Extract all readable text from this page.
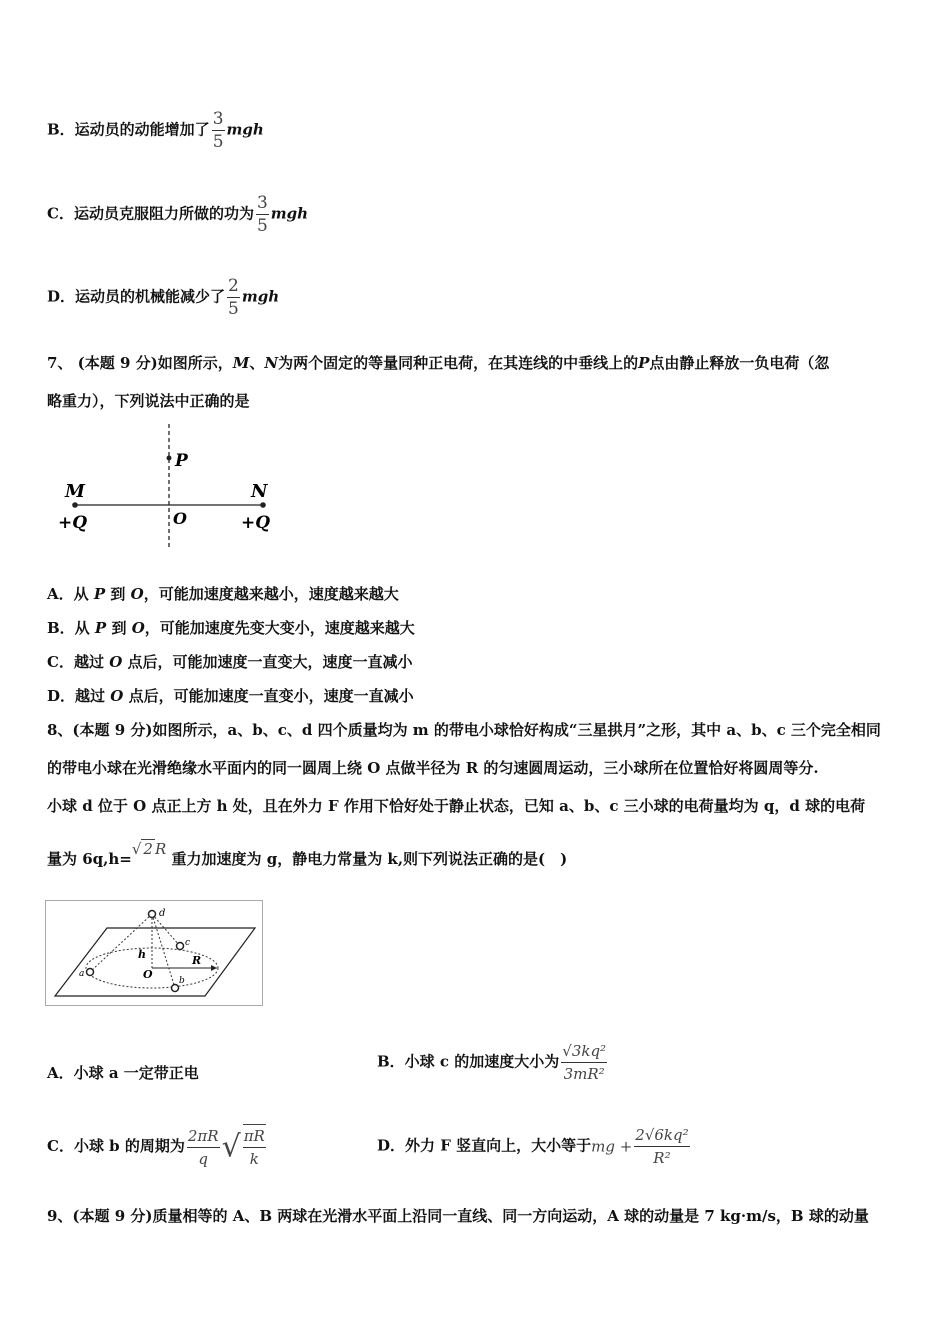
B．运动员的动能增加了 $\frac{3}{5}$ mgh
C．运动员克服阻力所做的功为 $\frac{3}{5}$ mgh
D．运动员的机械能减少了 $\frac{2}{5}$ mgh
7、 (本题 9 分)如图所示，M、N为两个固定的等量同种正电荷，在其连线的中垂线上的P点由静止释放一负电荷（忽
略重力），下列说法中正确的是
P
M	N
O
+Q	+Q
A．从 P 到 O，可能加速度越来越小，速度越来越大
B．从 P 到 O，可能加速度先变大变小，速度越来越大
C．越过 O 点后，可能加速度一直变大，速度一直减小
D．越过 O 点后，可能加速度一直变小，速度一直减小
8、(本题 9 分)如图所示，a、b、c、d 四个质量均为 m 的带电小球恰好构成“三星拱月”之形，其中 a、b、c 三个完全相同
的带电小球在光滑绝缘水平面内的同一圆周上绕 O 点做半径为 R 的匀速圆周运动，三小球所在位置恰好将圆周等分.
小球 d 位于 O 点正上方 h 处，且在外力 F 作用下恰好处于静止状态，已知 a、b、c 三小球的电荷量均为 q，d 球的电荷
量为 6q,h=√ 2 R 重力加速度为 g，静电力常量为 k,则下列说法正确的是(　)
d
c
h	R
O
a
b
A．小球 a 一定带正电
B．小球 c 的加速度大小为 $\frac{\text{√3kq²}}{\text{3mR²}}$
C．小球 b 的周期为 $\frac{2\pi R}{q}$ √ $\frac{\pi R}{k}$	D．外力 F 竖直向上，大小等于mg + $\frac{\text{2√6kq²}}{\text{R²}}$
9、(本题 9 分)质量相等的 A、B 两球在光滑水平面上沿同一直线、同一方向运动，A 球的动量是 7 kg·m/s，B 球的动量
